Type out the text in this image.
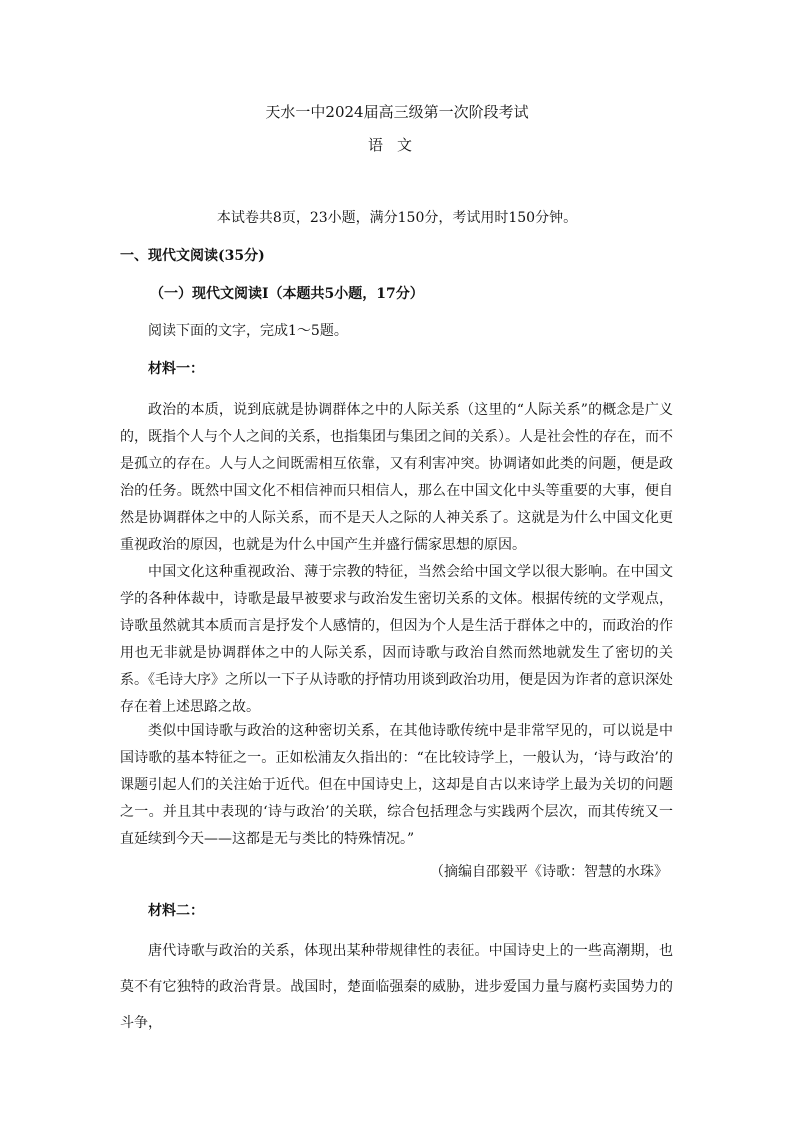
天水一中2024届高三级第一次阶段考试
语文
本试卷共8页，23小题，满分150分，考试用时150分钟。
一、现代文阅读(35分)
（一）现代文阅读Ⅰ（本题共5小题，17分）
阅读下面的文字，完成1～5题。
材料一：

政治的本质，说到底就是协调群体之中的人际关系（这里的“人际关系”的概念是广义的，既指个人与个人之间的关系，也指集团与集团之间的关系）。人是社会性的存在，而不是孤立的存在。人与人之间既需相互依靠，又有利害冲突。协调诸如此类的问题，便是政治的任务。既然中国文化不相信神而只相信人，那么在中国文化中头等重要的大事，便自然是协调群体之中的人际关系，而不是天人之际的人神关系了。这就是为什么中国文化更重视政治的原因，也就是为什么中国产生并盛行儒家思想的原因。

中国文化这种重视政治、薄于宗教的特征，当然会给中国文学以很大影响。在中国文学的各种体裁中，诗歌是最早被要求与政治发生密切关系的文体。根据传统的文学观点，诗歌虽然就其本质而言是抒发个人感情的，但因为个人是生活于群体之中的，而政治的作用也无非就是协调群体之中的人际关系，因而诗歌与政治自然而然地就发生了密切的关系。《毛诗大序》之所以一下子从诗歌的抒情功用谈到政治功用，便是因为诈者的意识深处存在着上述思路之故。

类似中国诗歌与政治的这种密切关系，在其他诗歌传统中是非常罕见的，可以说是中国诗歌的基本特征之一。正如松浦友久指出的：“在比较诗学上，一般认为，‘诗与政治’的课题引起人们的关注始于近代。但在中国诗史上，这却是自古以来诗学上最为关切的问题之一。并且其中表现的‘诗与政治’的关联，综合包括理念与实践两个层次，而其传统又一直延续到今天——这都是无与类比的特殊情况。”

（摘编自邵毅平《诗歌：智慧的水珠》
材料二：

唐代诗歌与政治的关系，体现出某种带规律性的表征。中国诗史上的一些高潮期，也莫不有它独特的政治背景。战国时，楚面临强秦的威胁，进步爱国力量与腐朽卖国势力的斗争，
